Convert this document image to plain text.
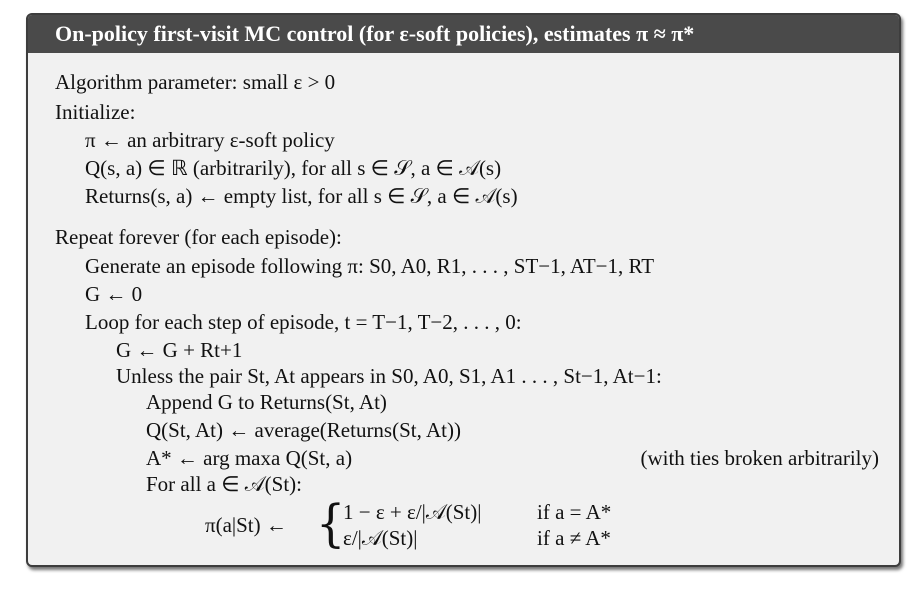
On-policy first-visit MC control (for ε-soft policies), estimates π ≈ π*
Algorithm parameter: small ε > 0
Initialize:
π ← an arbitrary ε-soft policy
Q(s, a) ∈ ℝ (arbitrarily), for all s ∈ 𝒮, a ∈ 𝒜(s)
Returns(s, a) ← empty list, for all s ∈ 𝒮, a ∈ 𝒜(s)
Repeat forever (for each episode):
Generate an episode following π: S0, A0, R1, . . . , ST−1, AT−1, RT
G ← 0
Loop for each step of episode, t = T−1, T−2, . . . , 0:
G ← G + Rt+1
Unless the pair St, At appears in S0, A0, S1, A1 . . . , St−1, At−1:
Append G to Returns(St, At)
Q(St, At) ← average(Returns(St, At))
A* ← arg maxa Q(St, a)	(with ties broken arbitrarily)
For all a ∈ 𝒜(St):
π(a|St) ← {
1 − ε + ε/|𝒜(St)|	if a = A*
ε/|𝒜(St)|	if a ≠ A*
